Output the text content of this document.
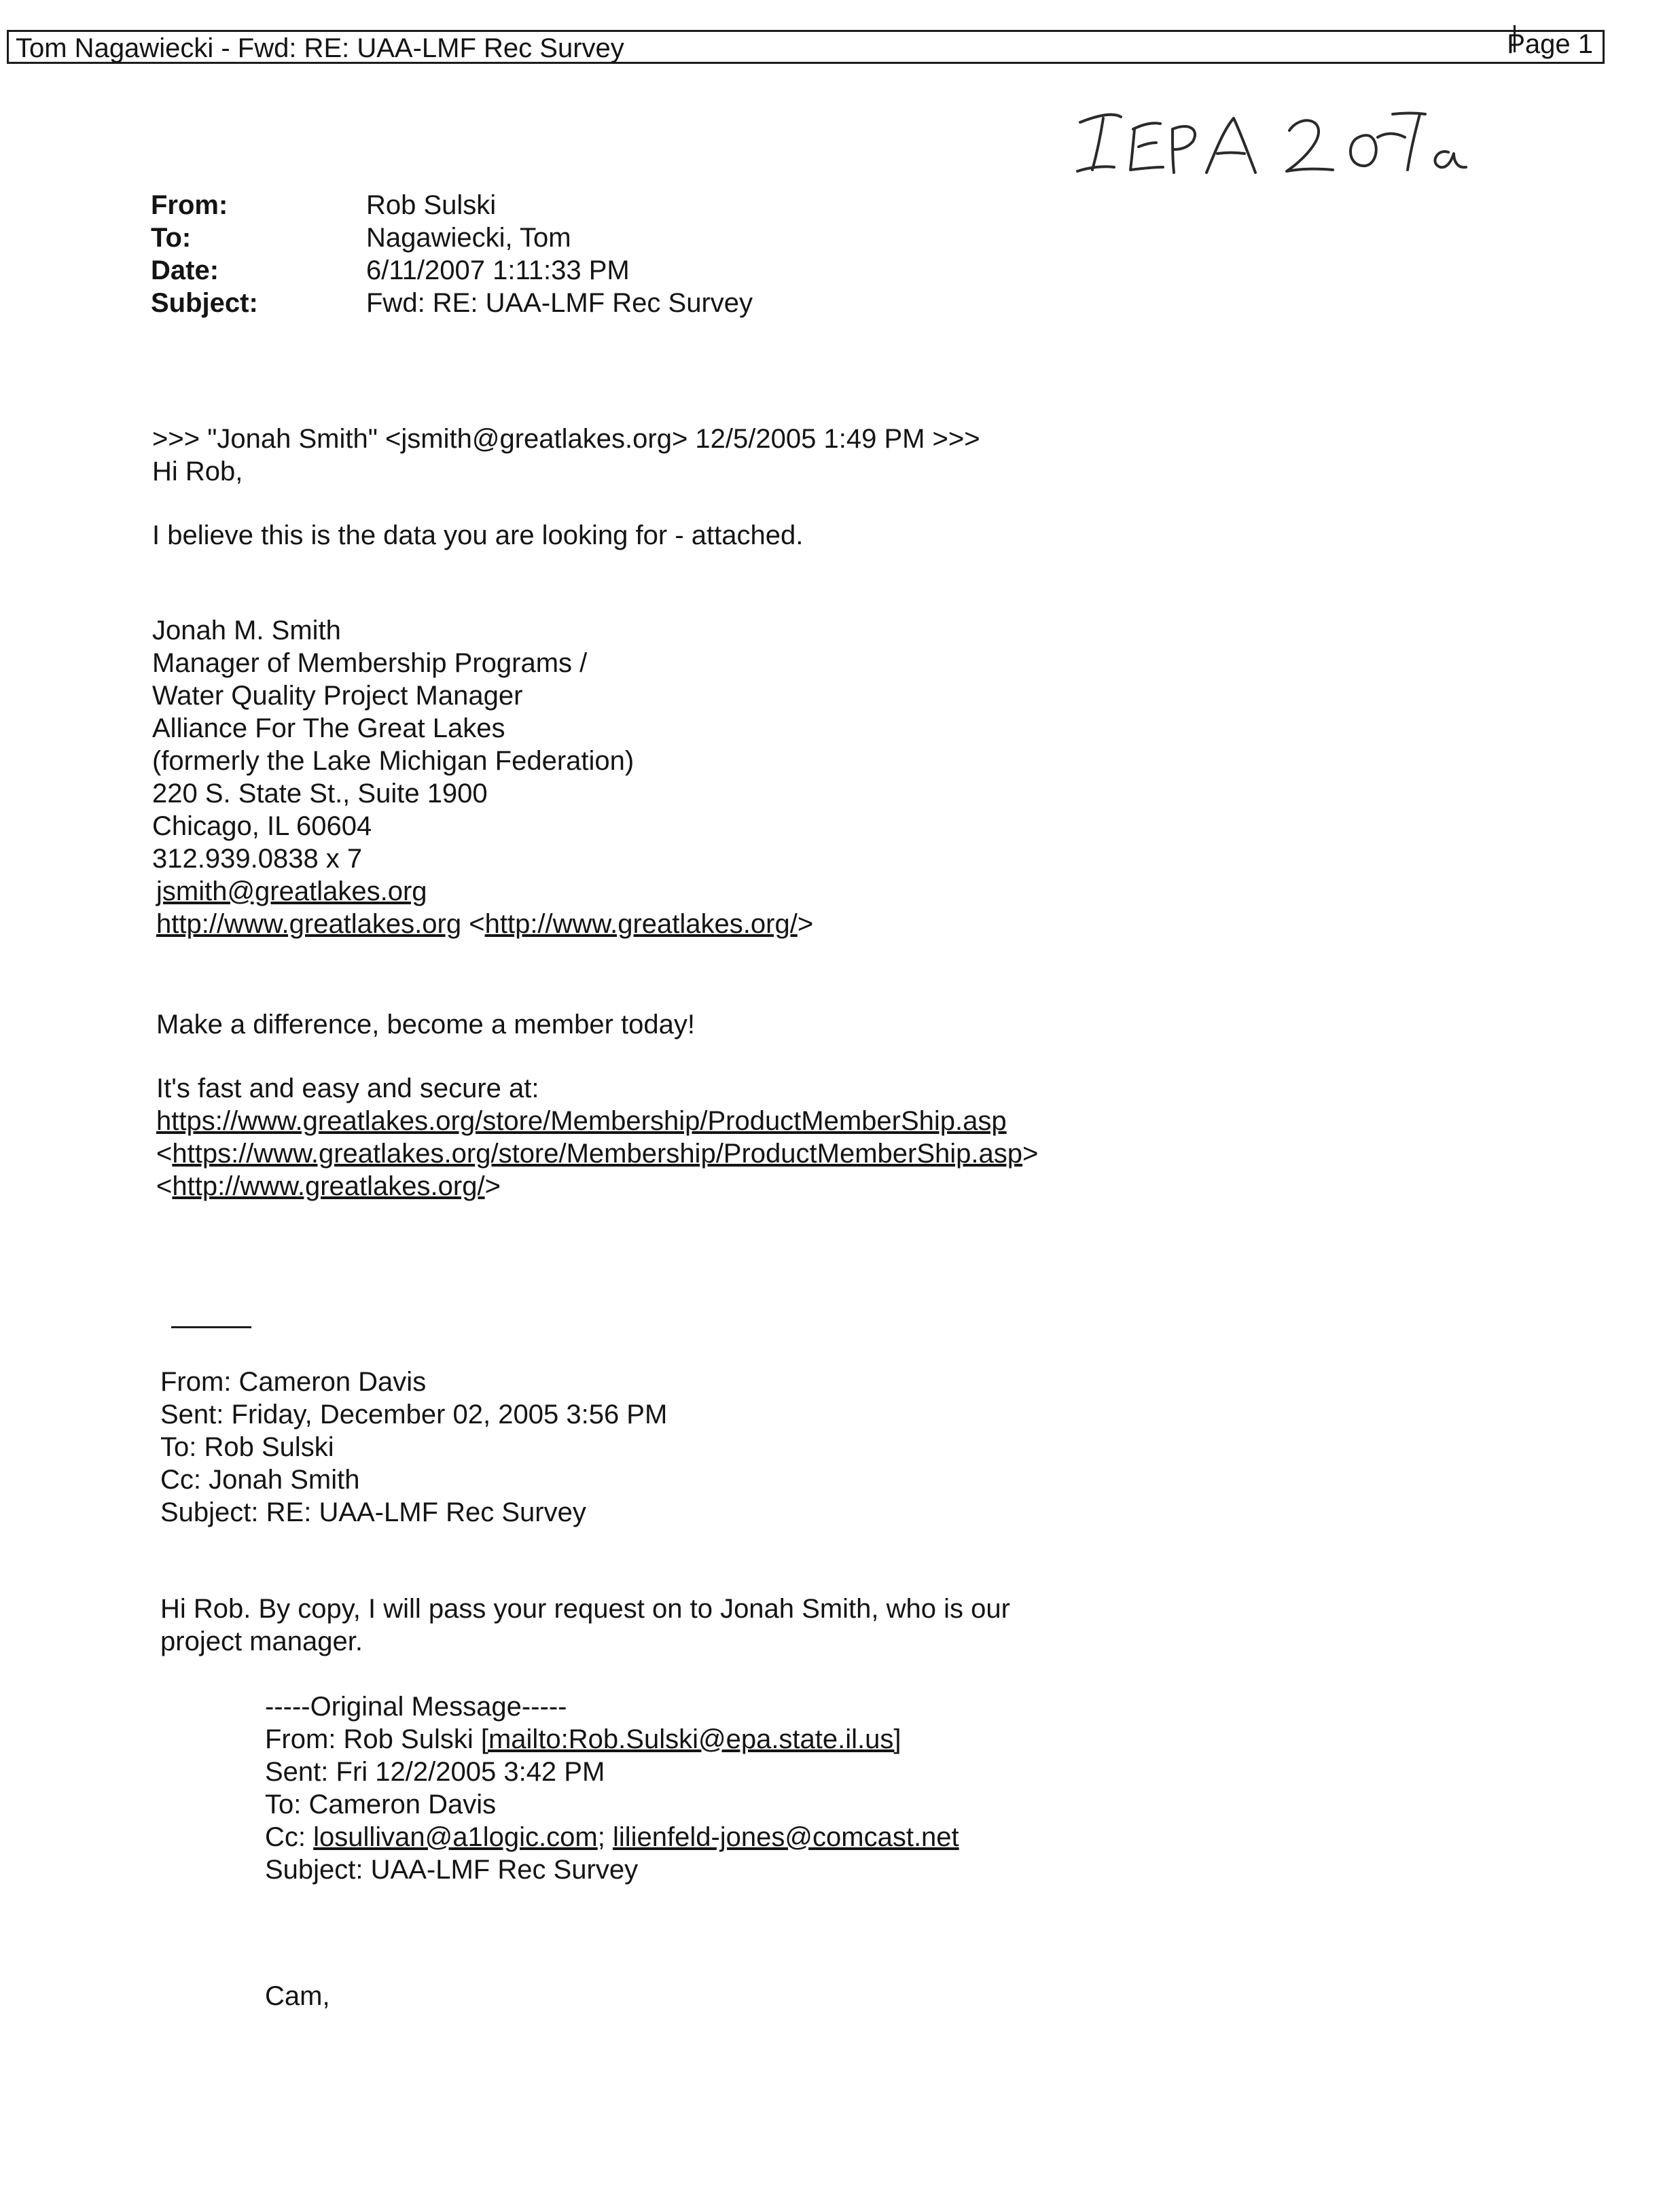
Tom Nagawiecki - Fwd: RE: UAA-LMF Rec Survey	Page 1
IEPA 2007a
From:	Rob Sulski
To:	Nagawiecki, Tom
Date:	6/11/2007 1:11:33 PM
Subject:	Fwd: RE: UAA-LMF Rec Survey
>>> "Jonah Smith" <jsmith@greatlakes.org> 12/5/2005 1:49 PM >>>
Hi Rob,
I believe this is the data you are looking for - attached.
Jonah M. Smith
Manager of Membership Programs /
Water Quality Project Manager
Alliance For The Great Lakes
(formerly the Lake Michigan Federation)
220 S. State St., Suite 1900
Chicago, IL 60604
312.939.0838 x 7
jsmith@greatlakes.org
http://www.greatlakes.org <http://www.greatlakes.org/>
Make a difference, become a member today!
It's fast and easy and secure at:
https://www.greatlakes.org/store/Membership/ProductMemberShip.asp
<https://www.greatlakes.org/store/Membership/ProductMemberShip.asp>
<http://www.greatlakes.org/>
From: Cameron Davis
Sent: Friday, December 02, 2005 3:56 PM
To: Rob Sulski
Cc: Jonah Smith
Subject: RE: UAA-LMF Rec Survey
Hi Rob. By copy, I will pass your request on to Jonah Smith, who is our
project manager.
-----Original Message-----
From: Rob Sulski [mailto:Rob.Sulski@epa.state.il.us]
Sent: Fri 12/2/2005 3:42 PM
To: Cameron Davis
Cc: losullivan@a1logic.com; lilienfeld-jones@comcast.net
Subject: UAA-LMF Rec Survey
Cam,
